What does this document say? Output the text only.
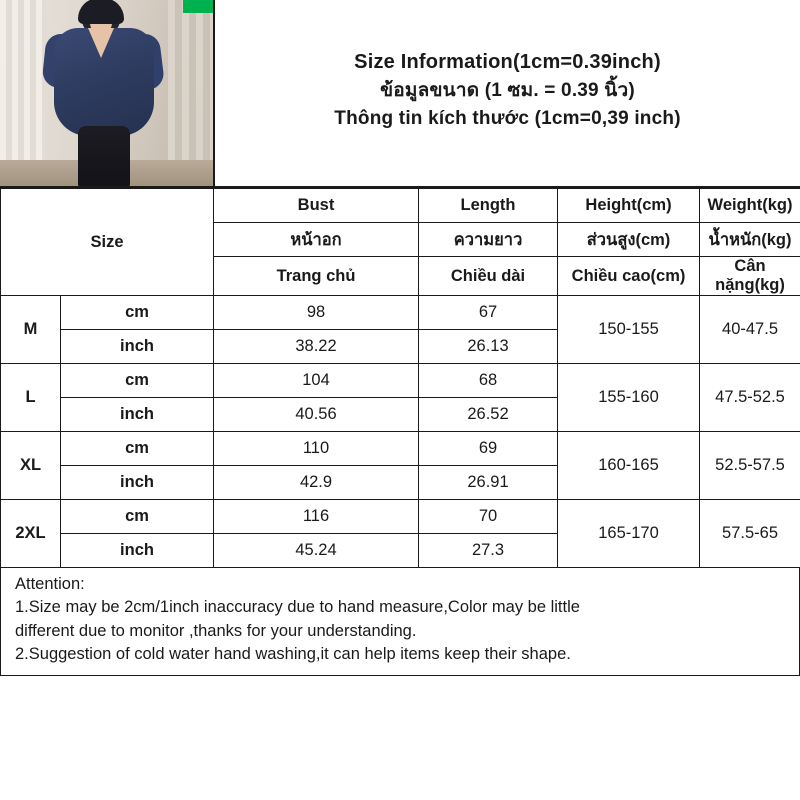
Size Information(1cm=0.39inch)
ข้อมูลขนาด (1 ซม. = 0.39 นิ้ว)
Thông tin kích thước (1cm=0,39 inch)
Size		Bust	Length	Height(cm)	Weight(kg)
		หน้าอก	ความยาว	ส่วนสูง(cm)	น้ำหนัก(kg)
		Trang chủ	Chiều dài	Chiều cao(cm)	Cân nặng(kg)
M	cm	98	67	150-155	40-47.5
	inch	38.22	26.13		
L	cm	104	68	155-160	47.5-52.5
	inch	40.56	26.52		
XL	cm	110	69	160-165	52.5-57.5
	inch	42.9	26.91		
2XL	cm	116	70	165-170	57.5-65
	inch	45.24	27.3		
Attention:
1.Size may be 2cm/1inch inaccuracy due to hand measure,Color may be little
different due to monitor ,thanks for your understanding.
2.Suggestion of cold water hand washing,it can help items keep their shape.
